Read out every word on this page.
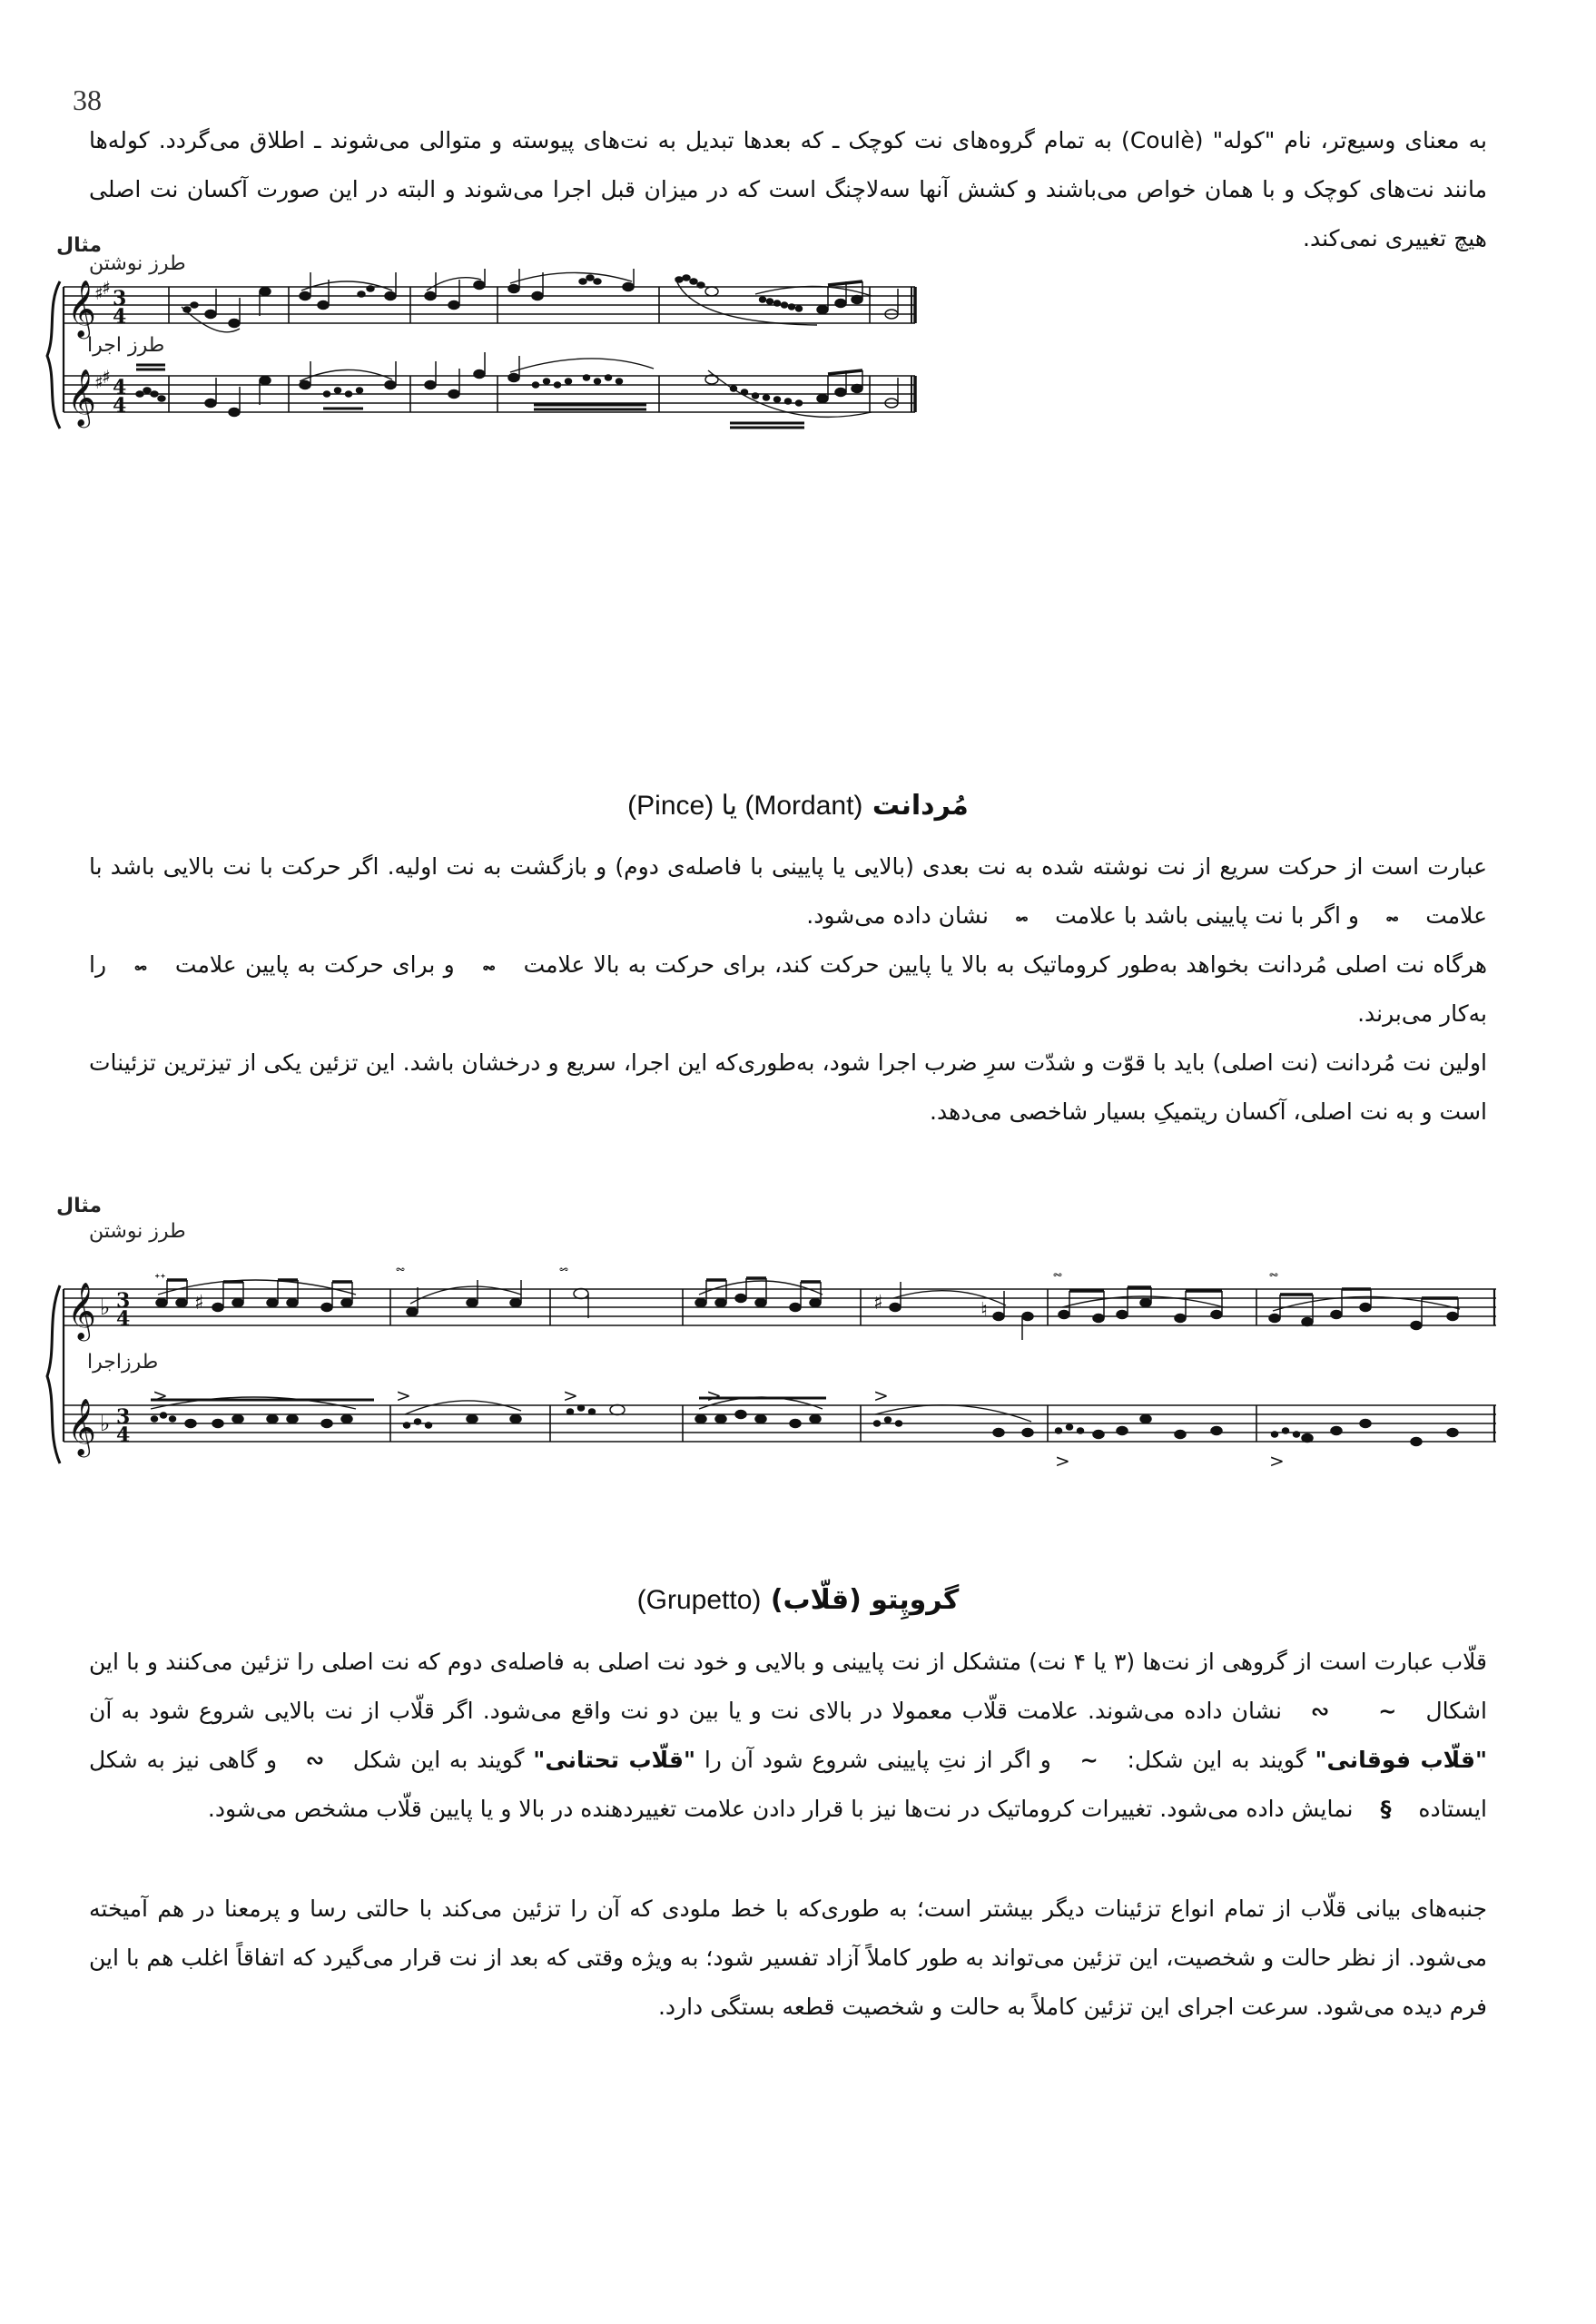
38
به معنای وسیع‌تر، نام "کوله" (Coulè) به تمام گروه‌های نت کوچک ـ که بعدها تبدیل به نت‌های پیوسته و متوالی می‌شوند ـ اطلاق می‌گردد. کوله‌ها مانند نت‌های کوچک و با همان خواص می‌باشند و کشش آنها سه‌لاچنگ است که در میزان قبل اجرا می‌شوند و البته در این صورت آکسان نت اصلی هیچ تغییری نمی‌کند.
مثال
طرز نوشتن
طرز اجرا
𝄞
𝄞
♯
♯
♯
♯
3
4
4
4
مُردانت (Mordant) یا (Pince)
عبارت است از حرکت سریع از نت نوشته شده به نت بعدی (بالایی یا پایینی با فاصله‌ی دوم) و بازگشت به نت اولیه. اگر حرکت با نت بالایی باشد با علامت 𝆗 و اگر با نت پایینی باشد با علامت 𝆘 نشان داده می‌شود.
هرگاه نت اصلی مُردانت بخواهد به‌طور کروماتیک به بالا یا پایین حرکت کند، برای حرکت به بالا علامت 𝆗 و برای حرکت به پایین علامت 𝆘 را به‌کار می‌برند.
اولین نت مُردانت (نت اصلی) باید با قوّت و شدّت سرِ ضرب اجرا شود، به‌طوری‌که این اجرا، سریع و درخشان باشد. این تزئین یکی از تیزترین تزئینات است و به نت اصلی، آکسان ریتمیکِ بسیار شاخصی می‌دهد.
مثال
طرز نوشتن
طرزاجرا
𝄞
𝄞
♭
♭
3
4
3
4
ᐩᐩ
𝆗	𝆘	𝆗	𝆗
>	>	>	>	>
>	>
♯	♯	♮
گروپِتو (قلّاب) (Grupetto)
قلّاب عبارت است از گروهی از نت‌ها (۳ یا ۴ نت) متشکل از نت پایینی و بالایی و خود نت اصلی به فاصله‌ی دوم که نت اصلی را تزئین می‌کنند و با این اشکال ∽ ∾ نشان داده می‌شوند. علامت قلّاب معمولا در بالای نت و یا بین دو نت واقع می‌شود. اگر قلّاب از نت بالایی شروع شود به آن "قلّاب فوقانی" گویند به این شکل: ∽ و اگر از نتِ پایینی شروع شود آن را "قلّاب تحتانی" گویند به این شکل ∾ و گاهی نیز به شکل ایستاده § نمایش داده می‌شود. تغییرات کروماتیک در نت‌ها نیز با قرار دادن علامت تغییردهنده در بالا و یا پایین قلّاب مشخص می‌شود.
جنبه‌های بیانی قلّاب از تمام انواع تزئینات دیگر بیشتر است؛ به طوری‌که با خط ملودی که آن را تزئین می‌کند با حالتی رسا و پرمعنا در هم آمیخته می‌شود. از نظر حالت و شخصیت، این تزئین می‌تواند به طور کاملاً آزاد تفسیر شود؛ به ویژه وقتی که بعد از نت قرار می‌گیرد که اتفاقاً اغلب هم با این فرم دیده می‌شود. سرعت اجرای این تزئین کاملاً به حالت و شخصیت قطعه بستگی دارد.
